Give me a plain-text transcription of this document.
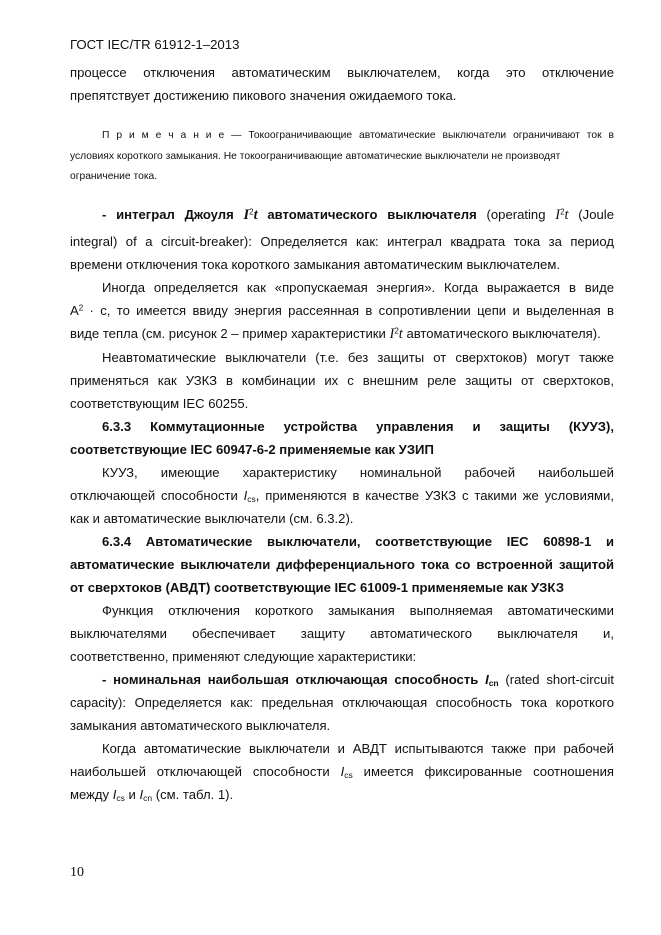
ГОСТ IEC/TR 61912-1–2013
процессе отключения автоматическим выключателем, когда это отключение
препятствует достижению пикового значения ожидаемого тока.
П р и м е ч а н и е — Токоограничивающие автоматические выключатели ограничивают ток в
условиях короткого замыкания. Не токоограничивающие автоматические выключатели не производят
ограничение тока.
- интеграл Джоуля $I^2t$ автоматического выключателя (operating $I^2t$ (Joule
integral) of a circuit-breaker): Определяется как: интеграл квадрата тока за период
времени отключения тока короткого замыкания автоматическим выключателем.
Иногда определяется как «пропускаемая энергия». Когда выражается в виде
$А^2 \cdot с$, то имеется ввиду энергия рассеянная в сопротивлении цепи и выделенная в
виде тепла (см. рисунок 2 – пример характеристики $I^2t$ автоматического выключателя).
Неавтоматические выключатели (т.е. без защиты от сверхтоков) могут также
применяться как УЗКЗ в комбинации их с внешним реле защиты от сверхтоков,
соответствующим IEC 60255.
6.3.3 Коммутационные устройства управления и защиты (КУУЗ),
соответствующие IEC 60947-6-2 применяемые как УЗИП
КУУЗ, имеющие характеристику номинальной рабочей наибольшей
отключающей способности $I_{cs}$, применяются в качестве УЗКЗ с такими же условиями,
как и автоматические выключатели (см. 6.3.2).
6.3.4 Автоматические выключатели, соответствующие IEC 60898-1 и
автоматические выключатели дифференциального тока со встроенной защитой
от сверхтоков (АВДТ) соответствующие IEC 61009-1 применяемые как УЗКЗ
Функция отключения короткого замыкания выполняемая автоматическими
выключателями обеспечивает защиту автоматического выключателя и,
соответственно, применяют следующие характеристики:
- номинальная наибольшая отключающая способность $I_{cn}$ (rated short-circuit
capacity): Определяется как: предельная отключающая способность тока короткого
замыкания автоматического выключателя.
Когда автоматические выключатели и АВДТ испытываются также при рабочей
наибольшей отключающей способности $I_{cs}$ имеется фиксированные соотношения
между $I_{cs}$ и $I_{cn}$ (см. табл. 1).
10
